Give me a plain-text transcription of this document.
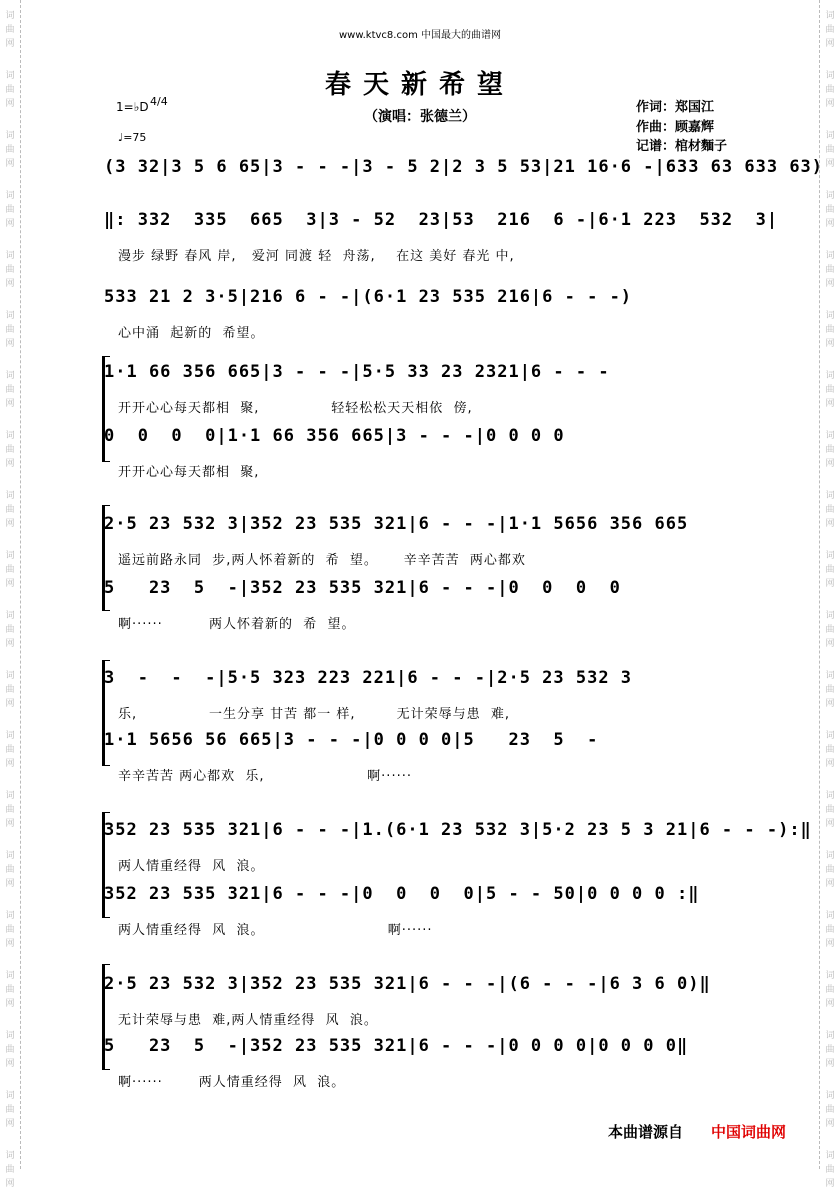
www.ktvc8.com 中国最大的曲谱网
春天新希望
（演唱：张德兰）
作词：郑国江
作曲：顾嘉辉
记谱：棺材麵子
1=♭D 4/4
♩=75
(3 32|3 5 6 65|3 - - -|3 - 5 2|2 3 5 53|21 16·6 -|633 63 633 63)
‖: 332  335  665  3|3 - 52  23|53  216  6 -|6·1 223  532  3|
漫步 绿野 春风 岸,   爱河 同渡 轻  舟荡,    在这 美好 春光 中,
533 21 2 3·5|216 6 - -|(6·1 23 535 216|6 - - -)
心中涌  起新的  希望。
1·1 66 356 665|3 - - -|5·5 33 23 2321|6 - - -
开开心心每天都相  聚,              轻轻松松天天相依  傍,
0  0  0  0|1·1 66 356 665|3 - - -|0 0 0 0
开开心心每天都相  聚,
2·5 23 532 3|352 23 535 321|6 - - -|1·1 5656 356 665
遥远前路永同  步,两人怀着新的  希  望。     辛辛苦苦  两心都欢
5   23  5  -|352 23 535 321|6 - - -|0  0  0  0
啊······         两人怀着新的  希  望。
3  -  -  -|5·5 323 223 221|6 - - -|2·5 23 532 3
乐,              一生分享 甘苦 都一 样,        无计荣辱与患  难,
1·1 5656 56 665|3 - - -|0 0 0 0|5   23  5  -
辛辛苦苦 两心都欢  乐,                    啊······
352 23 535 321|6 - - -|1.(6·1 23 532 3|5·2 23 5 3 21|6 - - -):‖
两人情重经得  风  浪。
352 23 535 321|6 - - -|0  0  0  0|5 - - 50|0 0 0 0 :‖
两人情重经得  风  浪。                        啊······
2·5 23 532 3|352 23 535 321|6 - - -|(6 - - -|6 3 6 0)‖
无计荣辱与患  难,两人情重经得  风  浪。
5   23  5  -|352 23 535 321|6 - - -|0 0 0 0|0 0 0 0‖
啊······       两人情重经得  风  浪。
本曲谱源自 中国词曲网
词
曲
网
词
曲
网
词
曲
网
词
曲
网
词
曲
网
词
曲
网
词
曲
网
词
曲
网
词
曲
网
词
曲
网
词
曲
网
词
曲
网
词
曲
网
词
曲
网
词
曲
网
词
曲
网
词
曲
网
词
曲
网
词
曲
网
词
曲
网
词
曲
网
词
曲
网
词
曲
网
词
曲
网
词
曲
网
词
曲
网
词
曲
网
词
曲
网
词
曲
网
词
曲
网
词
曲
网
词
曲
网
词
曲
网
词
曲
网
词
曲
网
词
曲
网
词
曲
网
词
曲
网
词
曲
网
词
曲
网
